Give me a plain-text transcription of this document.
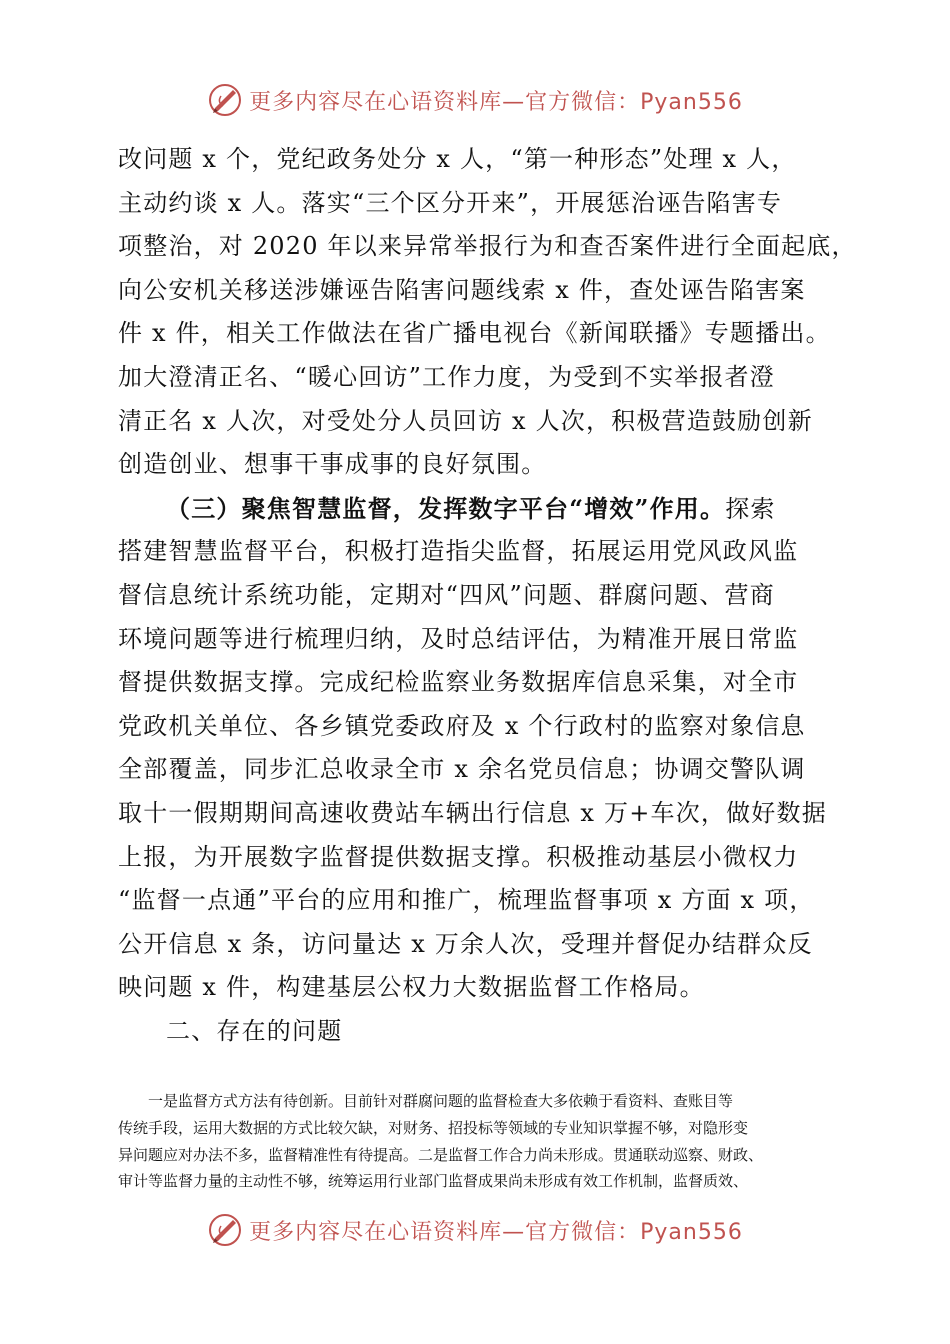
更多内容尽在心语资料库—官方微信：Pyan556
改问题 x 个，党纪政务处分 x 人，“第一种形态”处理 x 人，
主动约谈 x 人。落实“三个区分开来”，开展惩治诬告陷害专
项整治，对 2020 年以来异常举报行为和查否案件进行全面起底，
向公安机关移送涉嫌诬告陷害问题线索 x 件，查处诬告陷害案
件 x 件，相关工作做法在省广播电视台《新闻联播》专题播出。
加大澄清正名、“暖心回访”工作力度，为受到不实举报者澄
清正名 x 人次，对受处分人员回访 x 人次，积极营造鼓励创新
创造创业、想事干事成事的良好氛围。
（三）聚焦智慧监督，发挥数字平台“增效”作用。探索
搭建智慧监督平台，积极打造指尖监督，拓展运用党风政风监
督信息统计系统功能，定期对“四风”问题、群腐问题、营商
环境问题等进行梳理归纳，及时总结评估，为精准开展日常监
督提供数据支撑。完成纪检监察业务数据库信息采集，对全市
党政机关单位、各乡镇党委政府及 x 个行政村的监察对象信息
全部覆盖，同步汇总收录全市 x 余名党员信息；协调交警队调
取十一假期期间高速收费站车辆出行信息 x 万+车次，做好数据
上报，为开展数字监督提供数据支撑。积极推动基层小微权力
“监督一点通”平台的应用和推广，梳理监督事项 x 方面 x 项，
公开信息 x 条，访问量达 x 万余人次，受理并督促办结群众反
映问题 x 件，构建基层公权力大数据监督工作格局。
二、存在的问题
一是监督方式方法有待创新。目前针对群腐问题的监督检查大多依赖于看资料、查账目等
传统手段，运用大数据的方式比较欠缺，对财务、招投标等领域的专业知识掌握不够，对隐形变
异问题应对办法不多，监督精准性有待提高。二是监督工作合力尚未形成。贯通联动巡察、财政、
审计等监督力量的主动性不够，统筹运用行业部门监督成果尚未形成有效工作机制，监督质效、
更多内容尽在心语资料库—官方微信：Pyan556
